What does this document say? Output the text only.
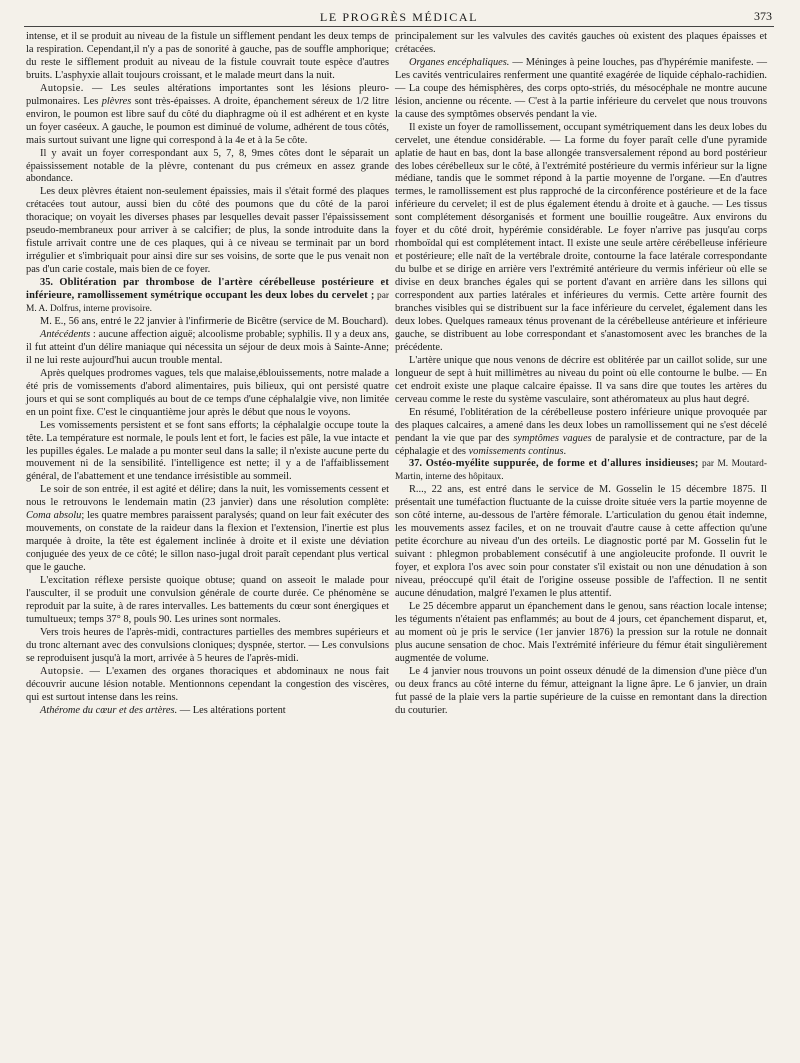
LE PROGRÈS MÉDICAL	373

intense, et il se produit au niveau de la fistule un sifflement pendant les deux temps de la respiration. Cependant,il n'y a pas de sonorité à gauche, pas de souffle amphorique; du reste le sifflement produit au niveau de la fistule couvrait toute espèce d'autres bruits. L'asphyxie allait toujours croissant, et le malade meurt dans la nuit.

Autopsie. — Les seules altérations importantes sont les lésions pleuro-pulmonaires. Les plèvres sont très-épaisses. A droite, épanchement séreux de 1/2 litre environ, le poumon est libre sauf du côté du diaphragme où il est adhérent et en kyste un foyer caséeux. A gauche, le poumon est diminué de volume, adhérent de tous côtés, mais surtout suivant une ligne qui correspond à la 4e et à la 5e côte.

Il y avait un foyer correspondant aux 5, 7, 8, 9mes côtes dont le séparait un épaississement notable de la plèvre, contenant du pus crémeux en assez grande abondance.

Les deux plèvres étaient non-seulement épaissies, mais il s'était formé des plaques crétacées tout autour, aussi bien du côté des poumons que du côté de la paroi thoracique; on voyait les diverses phases par lesquelles devait passer l'épaississement pseudo-membraneux pour arriver à se calcifier; de plus, la sonde introduite dans la fistule arrivait contre une de ces plaques, qui à ce niveau se terminait par un bord irrégulier et s'imbriquait pour ainsi dire sur ses voisins, de sorte que le pus venait non pas d'un carie costale, mais bien de ce foyer.

35. Oblitération par thrombose de l'artère cérébelleuse postérieure et inférieure, ramollissement symétrique occupant les deux lobes du cervelet ; par M. A. Dolfrus, interne provisoire.

M. E., 56 ans, entré le 22 janvier à l'infirmerie de Bicêtre (service de M. Bouchard).

Antécédents : aucune affection aiguë; alcoolisme probable; syphilis. Il y a deux ans, il fut atteint d'un délire maniaque qui nécessita un séjour de deux mois à Sainte-Anne; il ne lui reste aujourd'hui aucun trouble mental.

Après quelques prodromes vagues, tels que malaise,éblouissements, notre malade a été pris de vomissements d'abord alimentaires, puis bilieux, qui ont persisté quatre jours et qui se sont compliqués au bout de ce temps d'une céphalalgie vive, non limitée en un point fixe. C'est le cinquantième jour après le début que nous le voyons.

Les vomissements persistent et se font sans efforts; la céphalalgie occupe toute la tête. La température est normale, le pouls lent et fort, le facies est pâle, la vue intacte et les pupilles égales. Le malade a pu monter seul dans la salle; il n'existe aucune perte du mouvement ni de la sensibilité. l'intelligence est nette; il y a de l'affaiblissement général, de l'abattement et une tendance irrésistible au sommeil.

Le soir de son entrée, il est agité et délire; dans la nuit, les vomissements cessent et nous le retrouvons le lendemain matin (23 janvier) dans une résolution complète: Coma absolu; les quatre membres paraissent paralysés; quand on leur fait exécuter des mouvements, on constate de la raideur dans la flexion et l'extension, l'inertie est plus marquée à droite, la tête est également inclinée à droite et il existe une déviation conjuguée des yeux de ce côté; le sillon naso-jugal droit paraît cependant plus vertical que le gauche.

L'excitation réflexe persiste quoique obtuse; quand on asseoit le malade pour l'ausculter, il se produit une convulsion générale de courte durée. Ce phénomène se reproduit par la suite, à de rares intervalles. Les battements du cœur sont énergiques et tumultueux; temps 37° 8, pouls 90. Les urines sont normales.

Vers trois heures de l'après-midi, contractures partielles des membres supérieurs et du tronc alternant avec des convulsions cloniques; dyspnée, stertor. — Les convulsions se reproduisent jusqu'à la mort, arrivée à 5 heures de l'après-midi.

Autopsie. — L'examen des organes thoraciques et abdominaux ne nous fait découvrir aucune lésion notable. Mentionnons cependant la congestion des viscères, qui est surtout intense dans les reins.

Athérome du cœur et des artères. — Les altérations portent

principalement sur les valvules des cavités gauches où existent des plaques épaisses et crétacées.

Organes encéphaliques. — Méninges à peine louches, pas d'hypérémie manifeste. — Les cavités ventriculaires renferment une quantité exagérée de liquide céphalo-rachidien. — La coupe des hémisphères, des corps opto-striés, du mésocéphale ne montre aucune lésion, ancienne ou récente. — C'est à la partie inférieure du cervelet que nous trouvons la cause des symptômes observés pendant la vie.

Il existe un foyer de ramollissement, occupant symétriquement dans les deux lobes du cervelet, une étendue considérable. — La forme du foyer paraît celle d'une pyramide aplatie de haut en bas, dont la base allongée transversalement répond au bord postérieur des lobes cérébelleux sur le côté, à l'extrémité postérieure du vermis inférieur sur la ligne médiane, tandis que le sommet répond à la partie moyenne de l'organe. —En d'autres termes, le ramollissement est plus rapproché de la circonférence postérieure et de la face inférieure du cervelet; il est de plus également étendu à droite et à gauche. — Les tissus sont complétement désorganisés et forment une bouillie rougeâtre. Aux environs du foyer et du côté droit, hypérémie considérable. Le foyer n'arrive pas jusqu'au corps rhomboïdal qui est complétement intact. Il existe une seule artère cérébelleuse inférieure et postérieure; elle naît de la vertébrale droite, contourne la face latérale correspondante du bulbe et se dirige en arrière vers l'extrémité antérieure du vermis inférieur où elle se divise en deux branches égales qui se portent d'avant en arrière dans les sillons qui correspondent aux parties latérales et inférieures du vermis. Cette artère fournit des branches visibles qui se distribuent sur la face inférieure du cervelet, également dans les deux lobes. Quelques rameaux ténus provenant de la cérébelleuse antérieure et inférieure gauche, se distribuent au lobe correspondant et s'anastomosent avec les branches de la précédente.

L'artère unique que nous venons de décrire est oblitérée par un caillot solide, sur une longueur de sept à huit millimètres au niveau du point où elle contourne le bulbe. — En cet endroit existe une plaque calcaire épaisse. Il va sans dire que toutes les artères du cerveau comme le reste du système vasculaire, sont athéromateux au plus haut degré.

En résumé, l'oblitération de la cérébelleuse postero inférieure unique provoquée par des plaques calcaires, a amené dans les deux lobes un ramollissement qui ne s'est décelé pendant la vie que par des symptômes vagues de paralysie et de contracture, par de la céphalagie et des vomissements continus.

37. Ostéo-myélite suppurée, de forme et d'allures insidieuses; par M. Moutard-Martin, interne des hôpitaux.

R..., 22 ans, est entré dans le service de M. Gosselin le 15 décembre 1875. Il présentait une tuméfaction fluctuante de la cuisse droite située vers la partie moyenne de son côté interne, au-dessous de l'artère fémorale. L'articulation du genou était indemne, les mouvements assez faciles, et on ne trouvait d'autre cause à cette affection qu'une petite écorchure au niveau d'un des orteils. Le diagnostic porté par M. Gosselin fut le suivant : phlegmon probablement consécutif à une angioleucite profonde. Il ouvrit le foyer, et explora l'os avec soin pour constater s'il existait ou non une dénudation à son niveau, préoccupé qu'il était de l'origine osseuse possible de l'affection. Il ne sentit aucune dénudation, malgré l'examen le plus attentif.

Le 25 décembre apparut un épanchement dans le genou, sans réaction locale intense; les téguments n'étaient pas enflammés; au bout de 4 jours, cet épanchement disparut, et, au moment où je pris le service (1er janvier 1876) la pression sur la rotule ne donnait plus aucune sensation de choc. Mais l'extrémité inférieure du fémur était singulièrement augmentée de volume.

Le 4 janvier nous trouvons un point osseux dénudé de la dimension d'une pièce d'un ou deux francs au côté interne du fémur, atteignant la ligne âpre. Le 6 janvier, un drain fut passé de la plaie vers la partie supérieure de la cuisse en remontant dans la direction du couturier.
